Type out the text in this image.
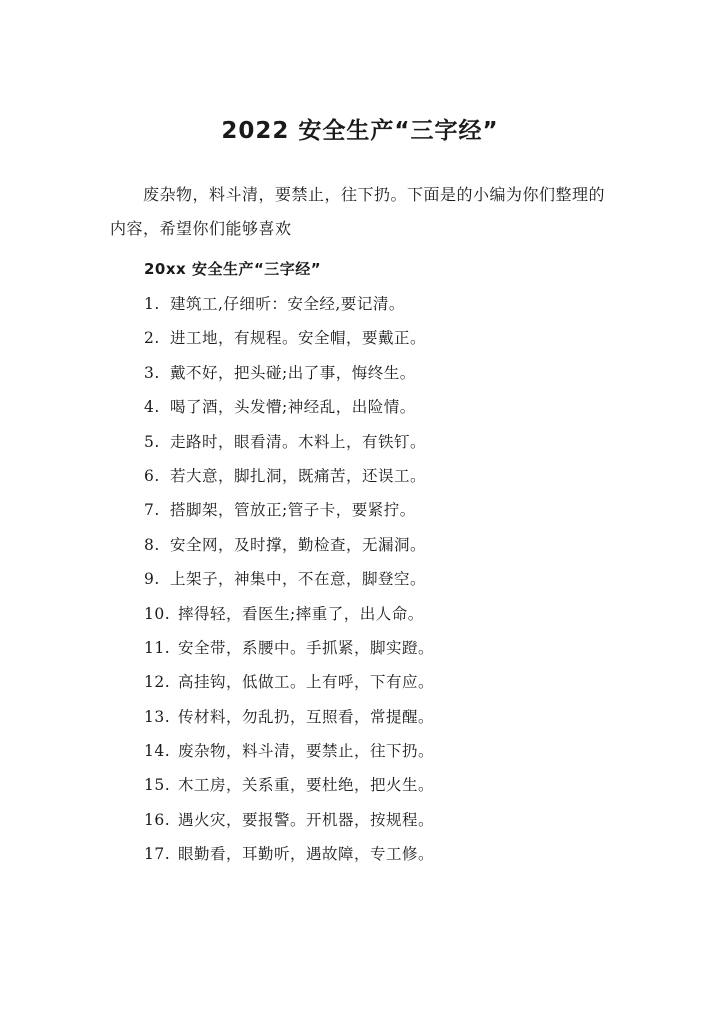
2022 安全生产“三字经”
废杂物，料斗清，要禁止，往下扔。下面是的小编为你们整理的内容，希望你们能够喜欢
20xx 安全生产“三字经”
1. 建筑工,仔细听：安全经,要记清。
2. 进工地，有规程。安全帽，要戴正。
3. 戴不好，把头碰;出了事，悔终生。
4. 喝了酒，头发懵;神经乱，出险情。
5. 走路时，眼看清。木料上，有铁钉。
6. 若大意，脚扎洞，既痛苦，还误工。
7. 搭脚架，管放正;管子卡，要紧拧。
8. 安全网，及时撑，勤检查，无漏洞。
9. 上架子，神集中，不在意，脚登空。
10. 摔得轻，看医生;摔重了，出人命。
11. 安全带，系腰中。手抓紧，脚实蹬。
12. 高挂钩，低做工。上有呼，下有应。
13. 传材料，勿乱扔，互照看，常提醒。
14. 废杂物，料斗清，要禁止，往下扔。
15. 木工房，关系重，要杜绝，把火生。
16. 遇火灾，要报警。开机器，按规程。
17. 眼勤看，耳勤听，遇故障，专工修。
